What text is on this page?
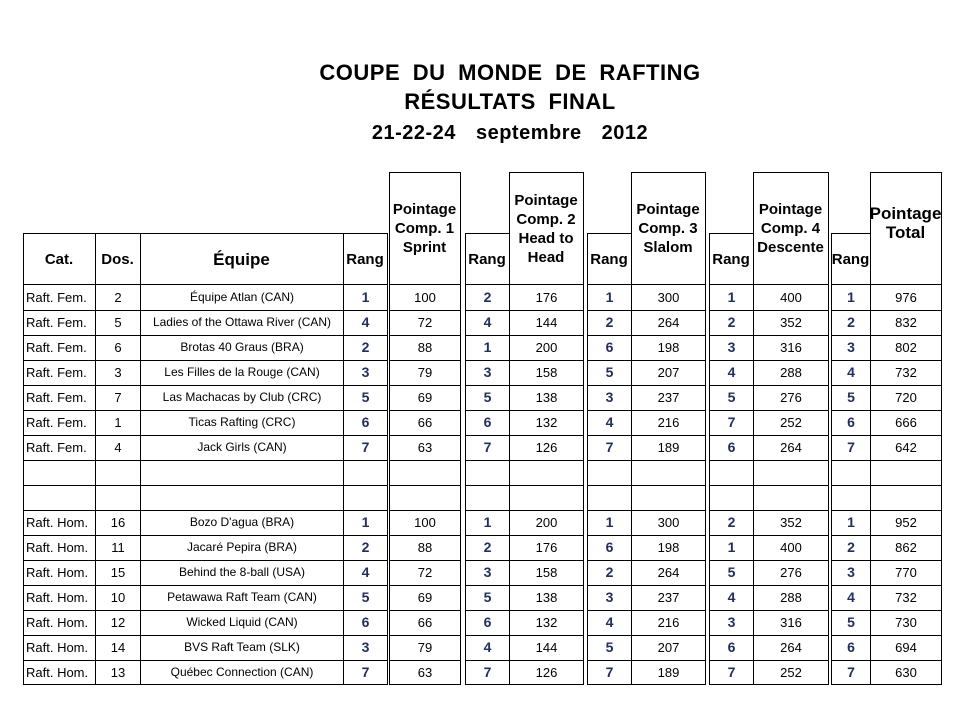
COUPE DU MONDE DE RAFTING
RÉSULTATS FINAL
21-22-24 septembre 2012
Cat.
Raft. Fem.
Raft. Fem.
Raft. Fem.
Raft. Fem.
Raft. Fem.
Raft. Fem.
Raft. Fem.
Raft. Hom.
Raft. Hom.
Raft. Hom.
Raft. Hom.
Raft. Hom.
Raft. Hom.
Raft. Hom.
Dos.
2
5
6
3
7
1
4
16
11
15
10
12
14
13
Équipe
Équipe Atlan (CAN)
Ladies of the Ottawa River (CAN)
Brotas 40 Graus (BRA)
Les Filles de la Rouge (CAN)
Las Machacas by Club (CRC)
Ticas Rafting (CRC)
Jack Girls (CAN)
Bozo D'agua (BRA)
Jacaré Pepira (BRA)
Behind the 8-ball (USA)
Petawawa Raft Team (CAN)
Wicked Liquid (CAN)
BVS Raft Team (SLK)
Québec Connection (CAN)
Rang
1
4
2
3
5
6
7
1
2
4
5
6
3
7
Pointage Comp. 1 Sprint
100
72
88
79
69
66
63
100
88
72
69
66
79
63
Rang
2
4
1
3
5
6
7
1
2
3
5
6
4
7
Pointage Comp. 2 Head to Head
176
144
200
158
138
132
126
200
176
158
138
132
144
126
Rang
1
2
6
5
3
4
7
1
6
2
3
4
5
7
Pointage Comp. 3 Slalom
300
264
198
207
237
216
189
300
198
264
237
216
207
189
Rang
1
2
3
4
5
7
6
2
1
5
4
3
6
7
Pointage Comp. 4 Descente
400
352
316
288
276
252
264
352
400
276
288
316
264
252
Rang
1
2
3
4
5
6
7
1
2
3
4
5
6
7
Pointage Total
976
832
802
732
720
666
642
952
862
770
732
730
694
630
